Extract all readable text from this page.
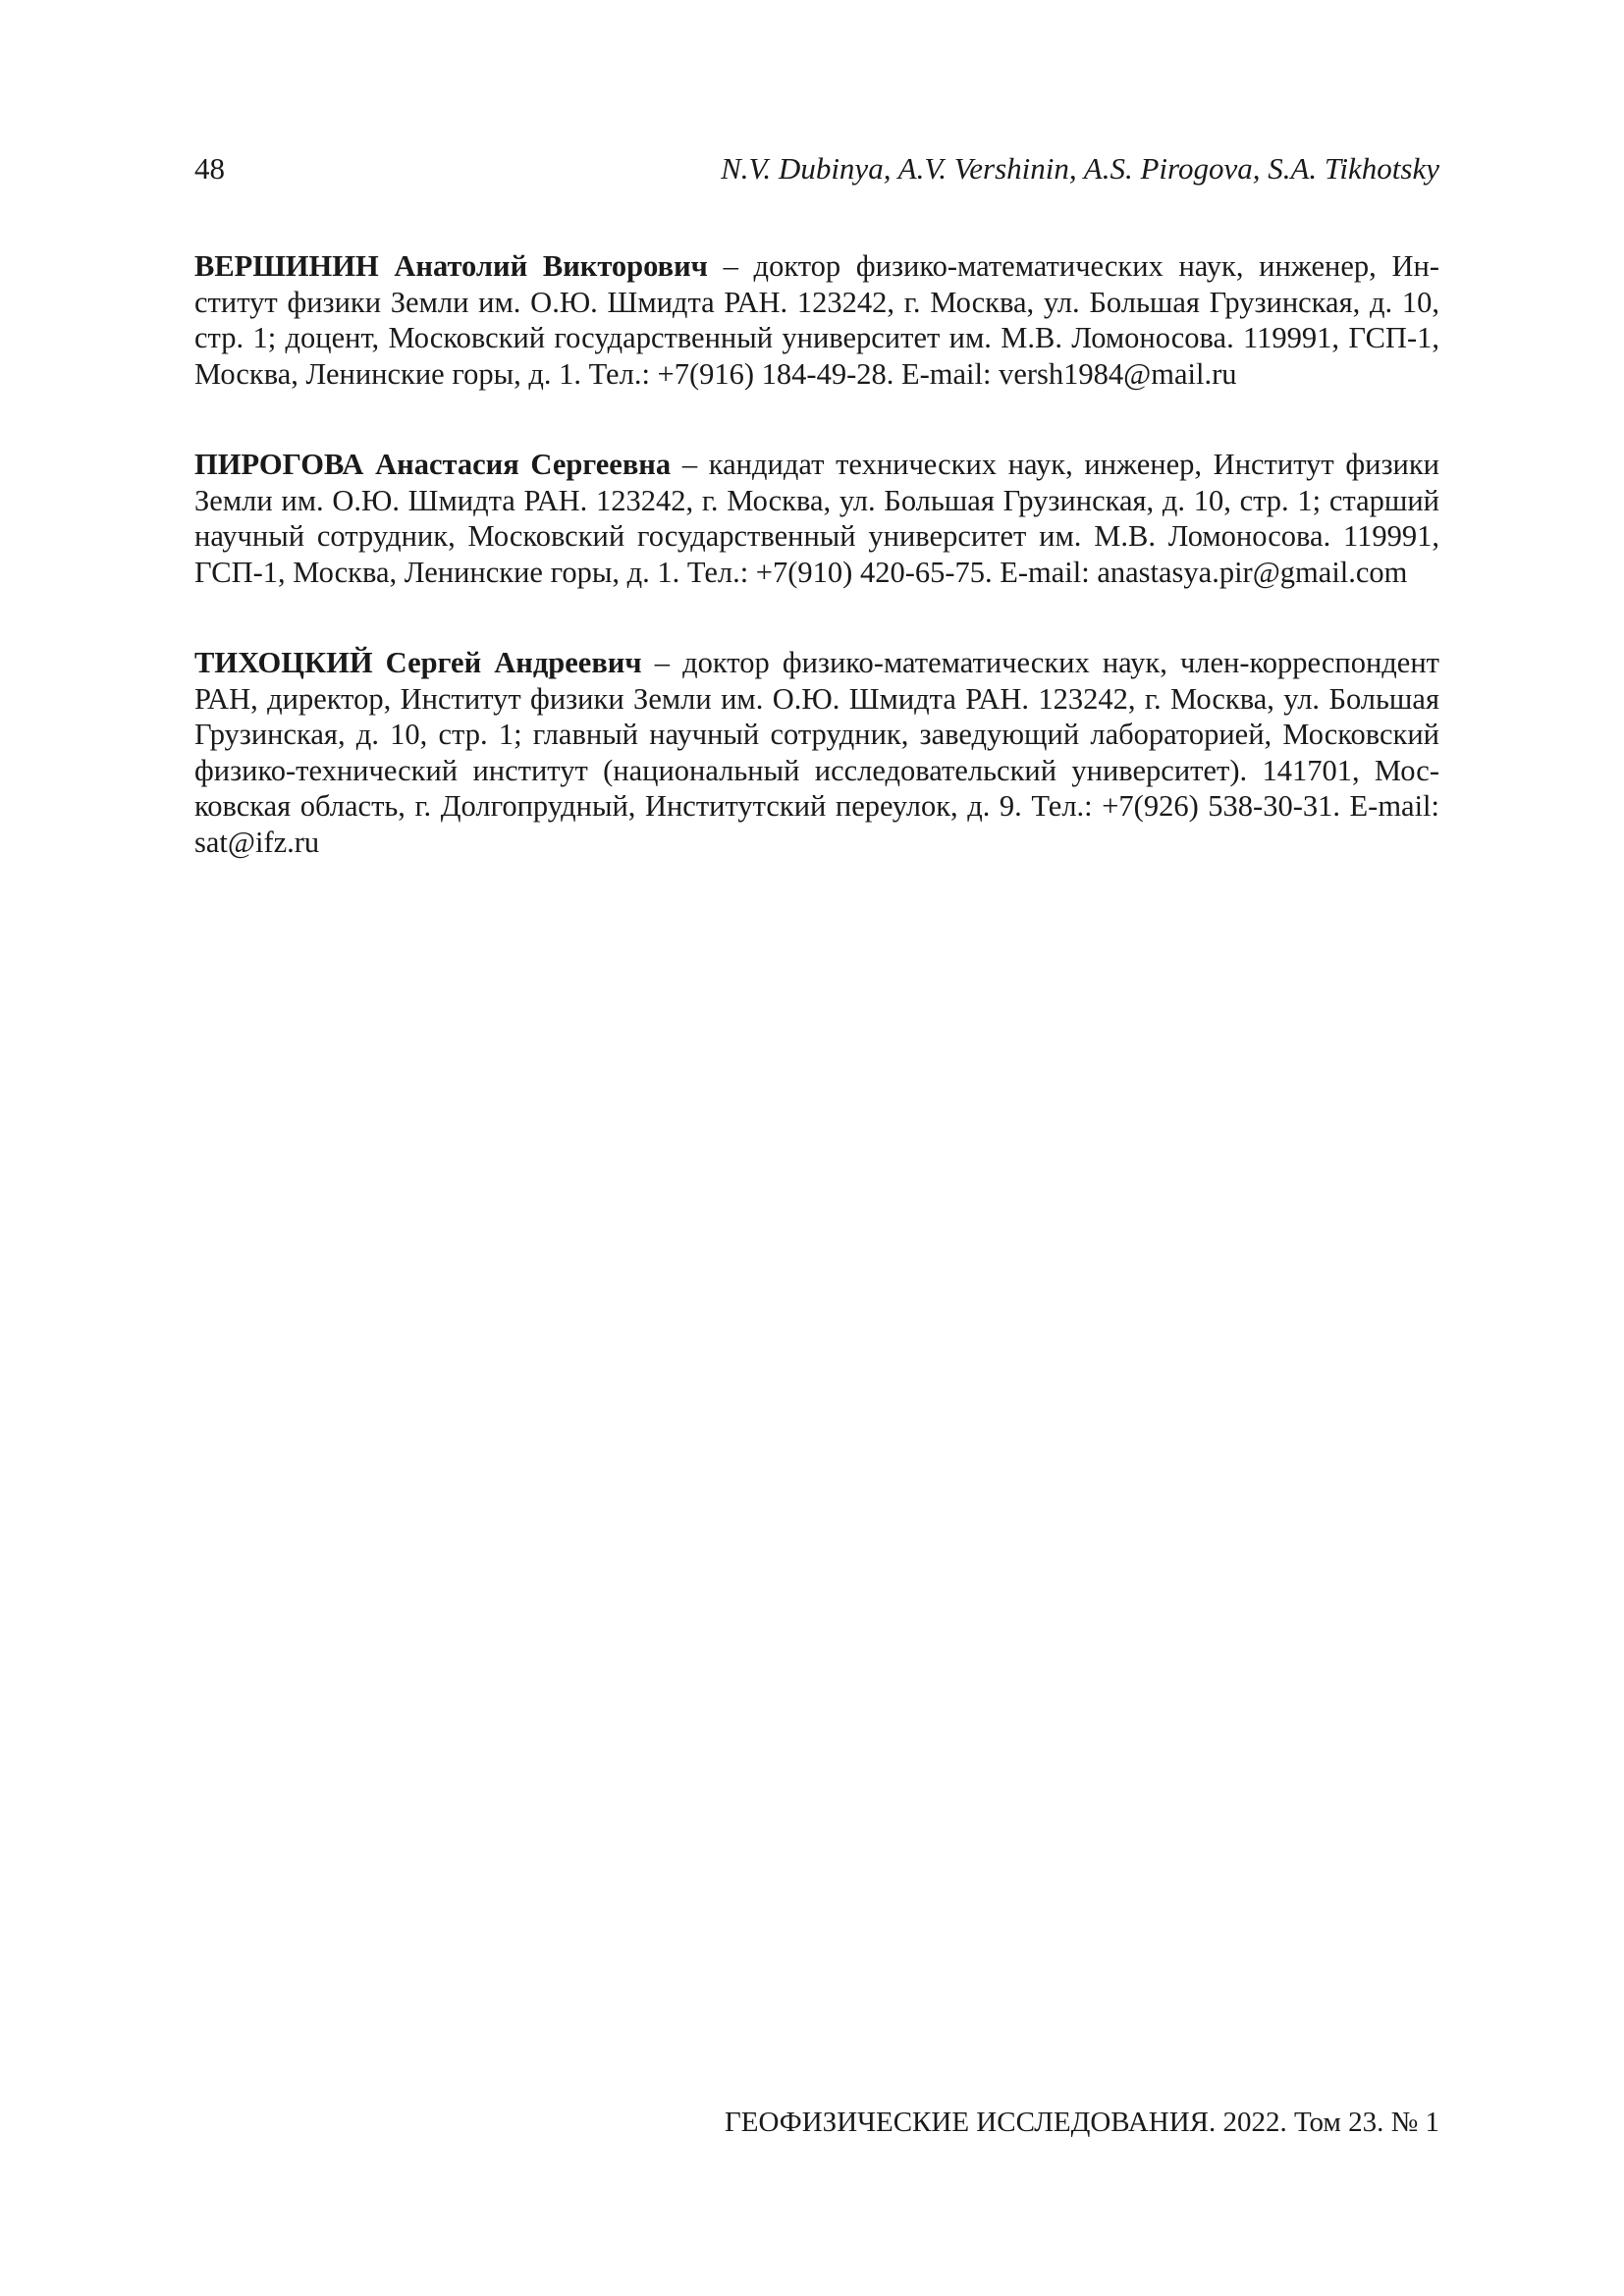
48	N.V. Dubinya, A.V. Vershinin, A.S. Pirogova, S.A. Tikhotsky

ВЕРШИНИН Анатолий Викторович – доктор физико-математических наук, инженер, Институт физики Земли им. О.Ю. Шмидта РАН. 123242, г. Москва, ул. Большая Грузинская, д. 10, стр. 1; доцент, Московский государственный университет им. М.В. Ломоносова. 119991, ГСП-1, Москва, Ленинские горы, д. 1. Тел.: +7(916) 184-49-28. E-mail: versh1984@mail.ru

ПИРОГОВА Анастасия Сергеевна – кандидат технических наук, инженер, Институт физики Земли им. О.Ю. Шмидта РАН. 123242, г. Москва, ул. Большая Грузинская, д. 10, стр. 1; старший научный сотрудник, Московский государственный университет им. М.В. Ломоносова. 119991, ГСП-1, Москва, Ленинские горы, д. 1. Тел.: +7(910) 420-65-75. E-mail: anastasya.pir@gmail.com

ТИХОЦКИЙ Сергей Андреевич – доктор физико-математических наук, член-корреспондент РАН, директор, Институт физики Земли им. О.Ю. Шмидта РАН. 123242, г. Москва, ул. Большая Грузинская, д. 10, стр. 1; главный научный сотрудник, заведующий лабораторией, Московский физико-технический институт (национальный исследовательский университет). 141701, Московская область, г. Долгопрудный, Институтский переулок, д. 9. Тел.: +7(926) 538-30-31. E-mail: sat@ifz.ru

ГЕОФИЗИЧЕСКИЕ ИССЛЕДОВАНИЯ. 2022. Том 23. № 1
